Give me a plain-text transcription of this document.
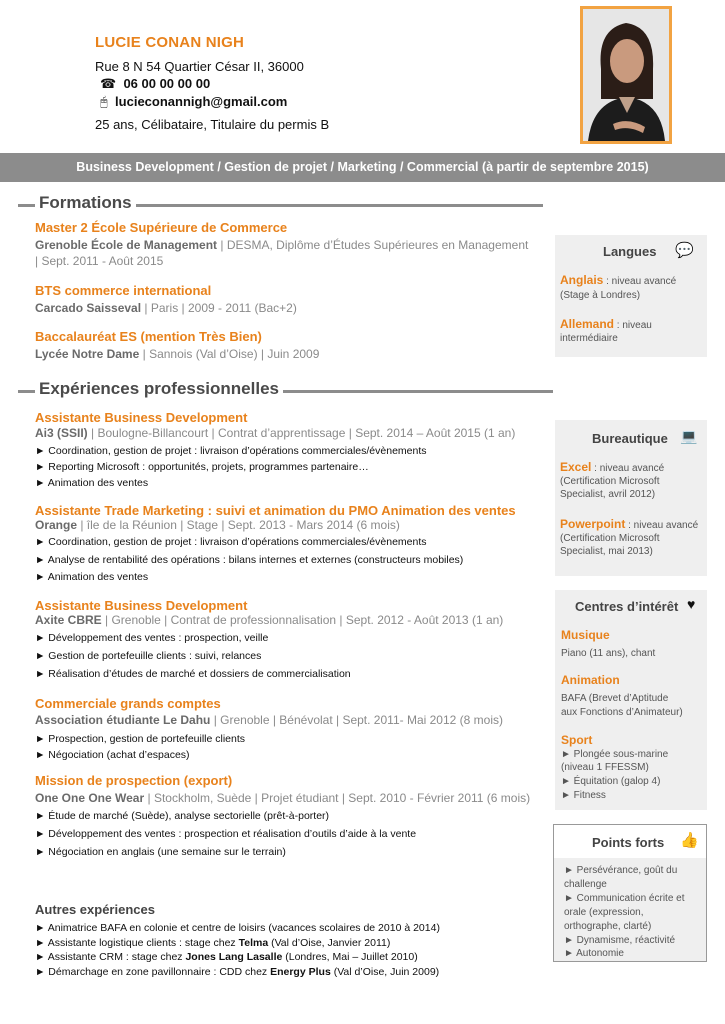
LUCIE CONAN NIGH
Rue 8 N 54 Quartier César II, 36000
☎ 06 00 00 00 00
🖰 lucieconannigh@gmail.com
25 ans, Célibataire, Titulaire du permis B
Business Development / Gestion de projet / Marketing / Commercial (à partir de septembre 2015)
Formations
Master 2 École Supérieure de Commerce
Grenoble École de Management | DESMA, Diplôme d’Études Supérieures en Management
| Sept. 2011 - Août 2015
BTS commerce international
Carcado Saisseval | Paris | 2009 - 2011 (Bac+2)
Baccalauréat ES (mention Très Bien)
Lycée Notre Dame | Sannois (Val d’Oise) | Juin 2009
Expériences professionnelles
Assistante Business Development
Ai3 (SSII) | Boulogne-Billancourt | Contrat d’apprentissage | Sept. 2014 – Août 2015 (1 an)
► Coordination, gestion de projet : livraison d’opérations commerciales/évènements
► Reporting Microsoft : opportunités, projets, programmes partenaire…
► Animation des ventes
Assistante Trade Marketing : suivi et animation du PMO Animation des ventes
Orange | île de la Réunion | Stage | Sept. 2013 - Mars 2014 (6 mois)
► Coordination, gestion de projet : livraison d’opérations commerciales/évènements
► Analyse de rentabilité des opérations : bilans internes et externes (constructeurs mobiles)
► Animation des ventes
Assistante Business Development
Axite CBRE | Grenoble | Contrat de professionnalisation | Sept. 2012 - Août 2013 (1 an)
► Développement des ventes : prospection, veille
► Gestion de portefeuille clients : suivi, relances
► Réalisation d’études de marché et dossiers de commercialisation
Commerciale grands comptes
Association étudiante Le Dahu | Grenoble | Bénévolat | Sept. 2011- Mai 2012 (8 mois)
► Prospection, gestion de portefeuille clients
► Négociation (achat d’espaces)
Mission de prospection (export)
One One One Wear | Stockholm, Suède | Projet étudiant | Sept. 2010 - Février 2011 (6 mois)
► Étude de marché (Suède), analyse sectorielle (prêt-à-porter)
► Développement des ventes : prospection et réalisation d’outils d’aide à la vente
► Négociation en anglais (une semaine sur le terrain)
Autres expériences
► Animatrice BAFA en colonie et centre de loisirs (vacances scolaires de 2010 à 2014)
► Assistante logistique clients : stage chez Telma (Val d’Oise, Janvier 2011)
► Assistante CRM : stage chez Jones Lang Lasalle (Londres, Mai – Juillet 2010)
► Démarchage en zone pavillonnaire : CDD chez Energy Plus (Val d’Oise, Juin 2009)
Langues 💬
Anglais : niveau avancé
(Stage à Londres)
Allemand : niveau
intermédiaire
Bureautique 💻
Excel : niveau avancé
(Certification Microsoft
Specialist, avril 2012)
Powerpoint : niveau avancé
(Certification Microsoft
Specialist, mai 2013)
Centres d’intérêt ♥
Musique
Piano (11 ans), chant
Animation
BAFA (Brevet d’Aptitude
aux Fonctions d’Animateur)
Sport
► Plongée sous-marine
(niveau 1 FFESSM)
► Équitation (galop 4)
► Fitness
Points forts 👍
► Persévérance, goût du
challenge
► Communication écrite et
orale (expression,
orthographe, clarté)
► Dynamisme, réactivité
► Autonomie
